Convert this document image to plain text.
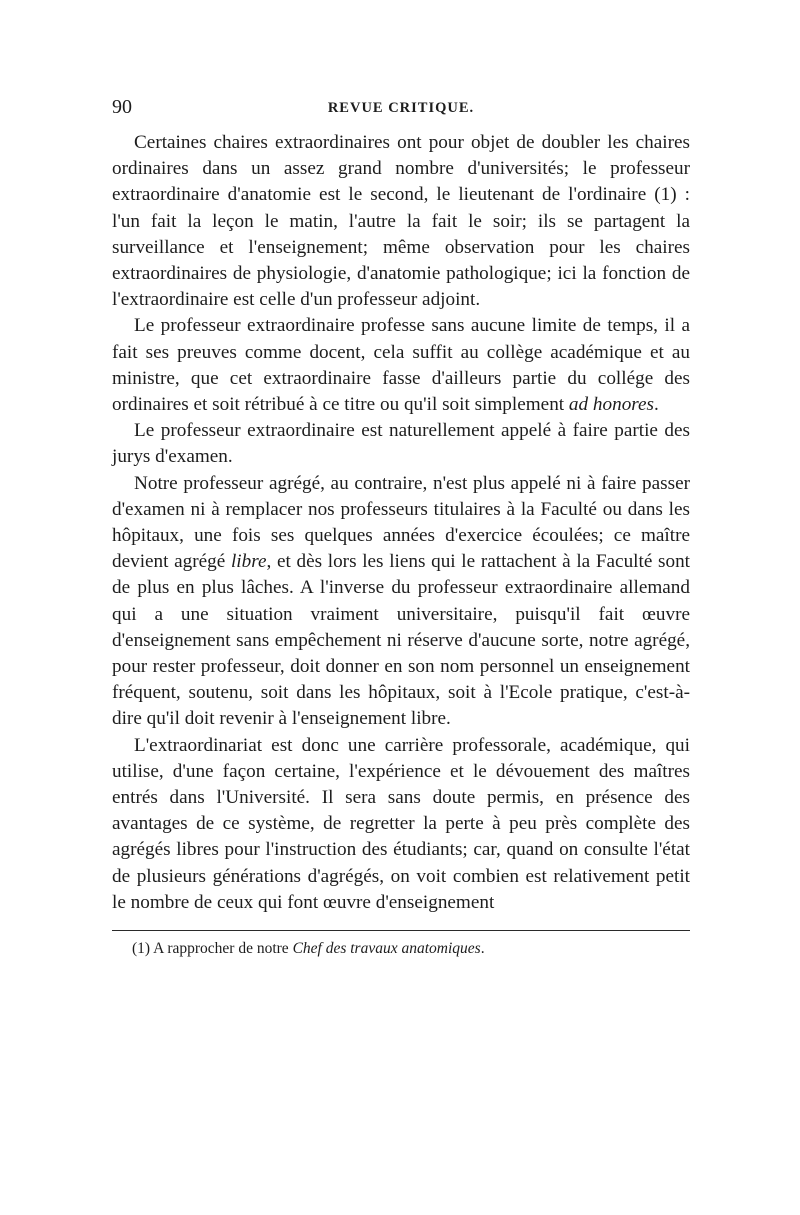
90	REVUE CRITIQUE.

Certaines chaires extraordinaires ont pour objet de doubler les chaires ordinaires dans un assez grand nombre d'universités; le professeur extraordinaire d'anatomie est le second, le lieutenant de l'ordinaire (1) : l'un fait la leçon le matin, l'autre la fait le soir; ils se partagent la surveillance et l'enseignement; même observation pour les chaires extraordinaires de physiologie, d'anatomie pathologique; ici la fonction de l'extraordinaire est celle d'un professeur adjoint.

Le professeur extraordinaire professe sans aucune limite de temps, il a fait ses preuves comme docent, cela suffit au collège académique et au ministre, que cet extraordinaire fasse d'ailleurs partie du collége des ordinaires et soit rétribué à ce titre ou qu'il soit simplement ad honores.

Le professeur extraordinaire est naturellement appelé à faire partie des jurys d'examen.

Notre professeur agrégé, au contraire, n'est plus appelé ni à faire passer d'examen ni à remplacer nos professeurs titulaires à la Faculté ou dans les hôpitaux, une fois ses quelques années d'exercice écoulées; ce maître devient agrégé libre, et dès lors les liens qui le rattachent à la Faculté sont de plus en plus lâches. A l'inverse du professeur extraordinaire allemand qui a une situation vraiment universitaire, puisqu'il fait œuvre d'enseignement sans empêchement ni réserve d'aucune sorte, notre agrégé, pour rester professeur, doit donner en son nom personnel un enseignement fréquent, soutenu, soit dans les hôpitaux, soit à l'Ecole pratique, c'est-à-dire qu'il doit revenir à l'enseignement libre.

L'extraordinariat est donc une carrière professorale, académique, qui utilise, d'une façon certaine, l'expérience et le dévouement des maîtres entrés dans l'Université. Il sera sans doute permis, en présence des avantages de ce système, de regretter la perte à peu près complète des agrégés libres pour l'instruction des étudiants; car, quand on consulte l'état de plusieurs générations d'agrégés, on voit combien est relativement petit le nombre de ceux qui font œuvre d'enseignement

(1) A rapprocher de notre Chef des travaux anatomiques.
